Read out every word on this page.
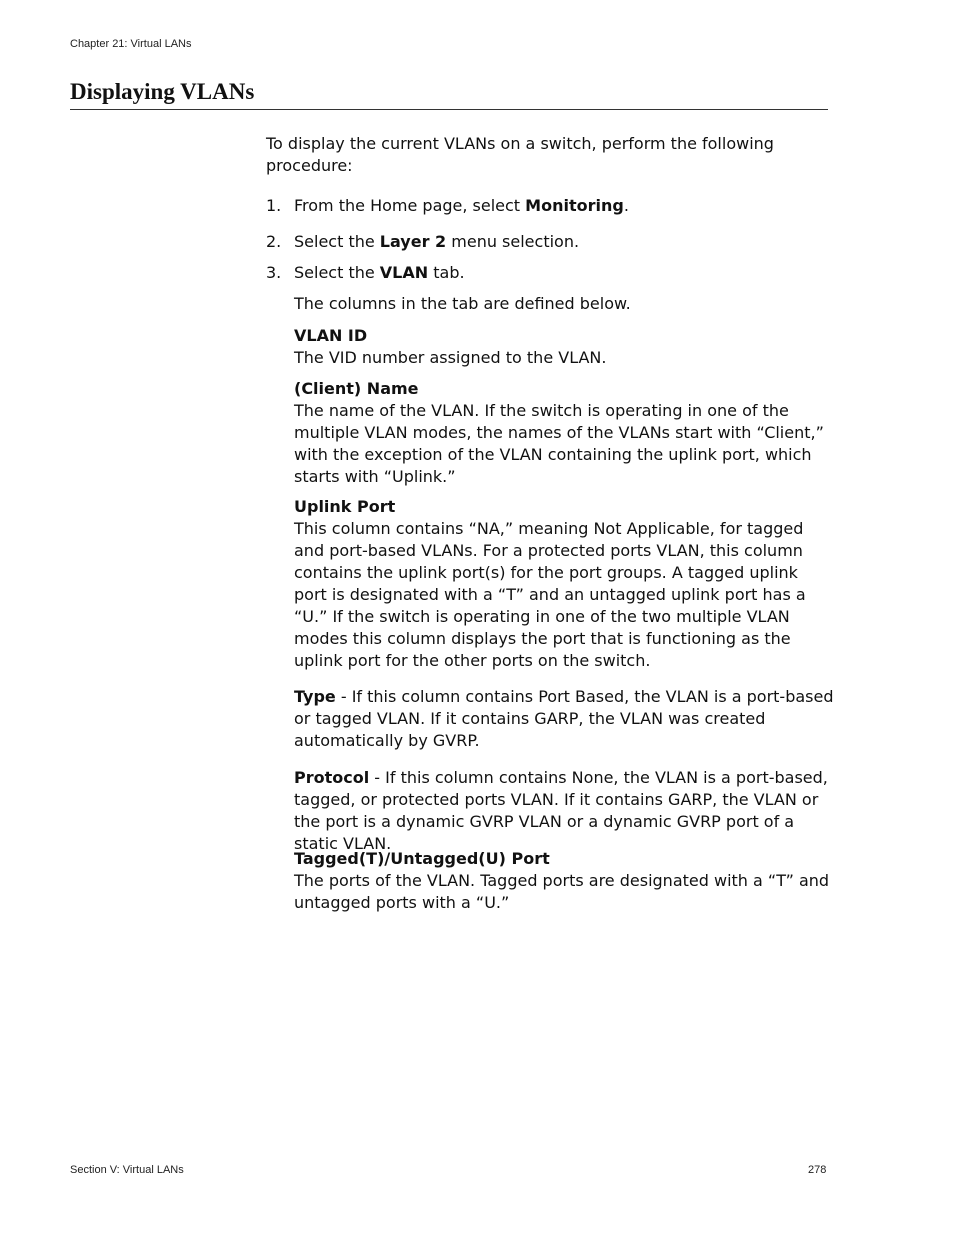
Chapter 21: Virtual LANs
Displaying VLANs

To display the current VLANs on a switch, perform the following procedure:

1. From the Home page, select Monitoring.

2. Select the Layer 2 menu selection.

3. Select the VLAN tab.

The columns in the tab are defined below.

VLAN ID
The VID number assigned to the VLAN.
(Client) Name
The name of the VLAN. If the switch is operating in one of the multiple VLAN modes, the names of the VLANs start with “Client,” with the exception of the VLAN containing the uplink port, which starts with “Uplink.”
Uplink Port
This column contains “NA,” meaning Not Applicable, for tagged and port-based VLANs. For a protected ports VLAN, this column contains the uplink port(s) for the port groups. A tagged uplink port is designated with a “T” and an untagged uplink port has a “U.” If the switch is operating in one of the two multiple VLAN modes this column displays the port that is functioning as the uplink port for the other ports on the switch.

Type - If this column contains Port Based, the VLAN is a port-based or tagged VLAN. If it contains GARP, the VLAN was created automatically by GVRP.

Protocol - If this column contains None, the VLAN is a port-based, tagged, or protected ports VLAN. If it contains GARP, the VLAN or the port is a dynamic GVRP VLAN or a dynamic GVRP port of a static VLAN.

Tagged(T)/Untagged(U) Port
The ports of the VLAN. Tagged ports are designated with a “T” and untagged ports with a “U.”
Section V: Virtual LANs	278
